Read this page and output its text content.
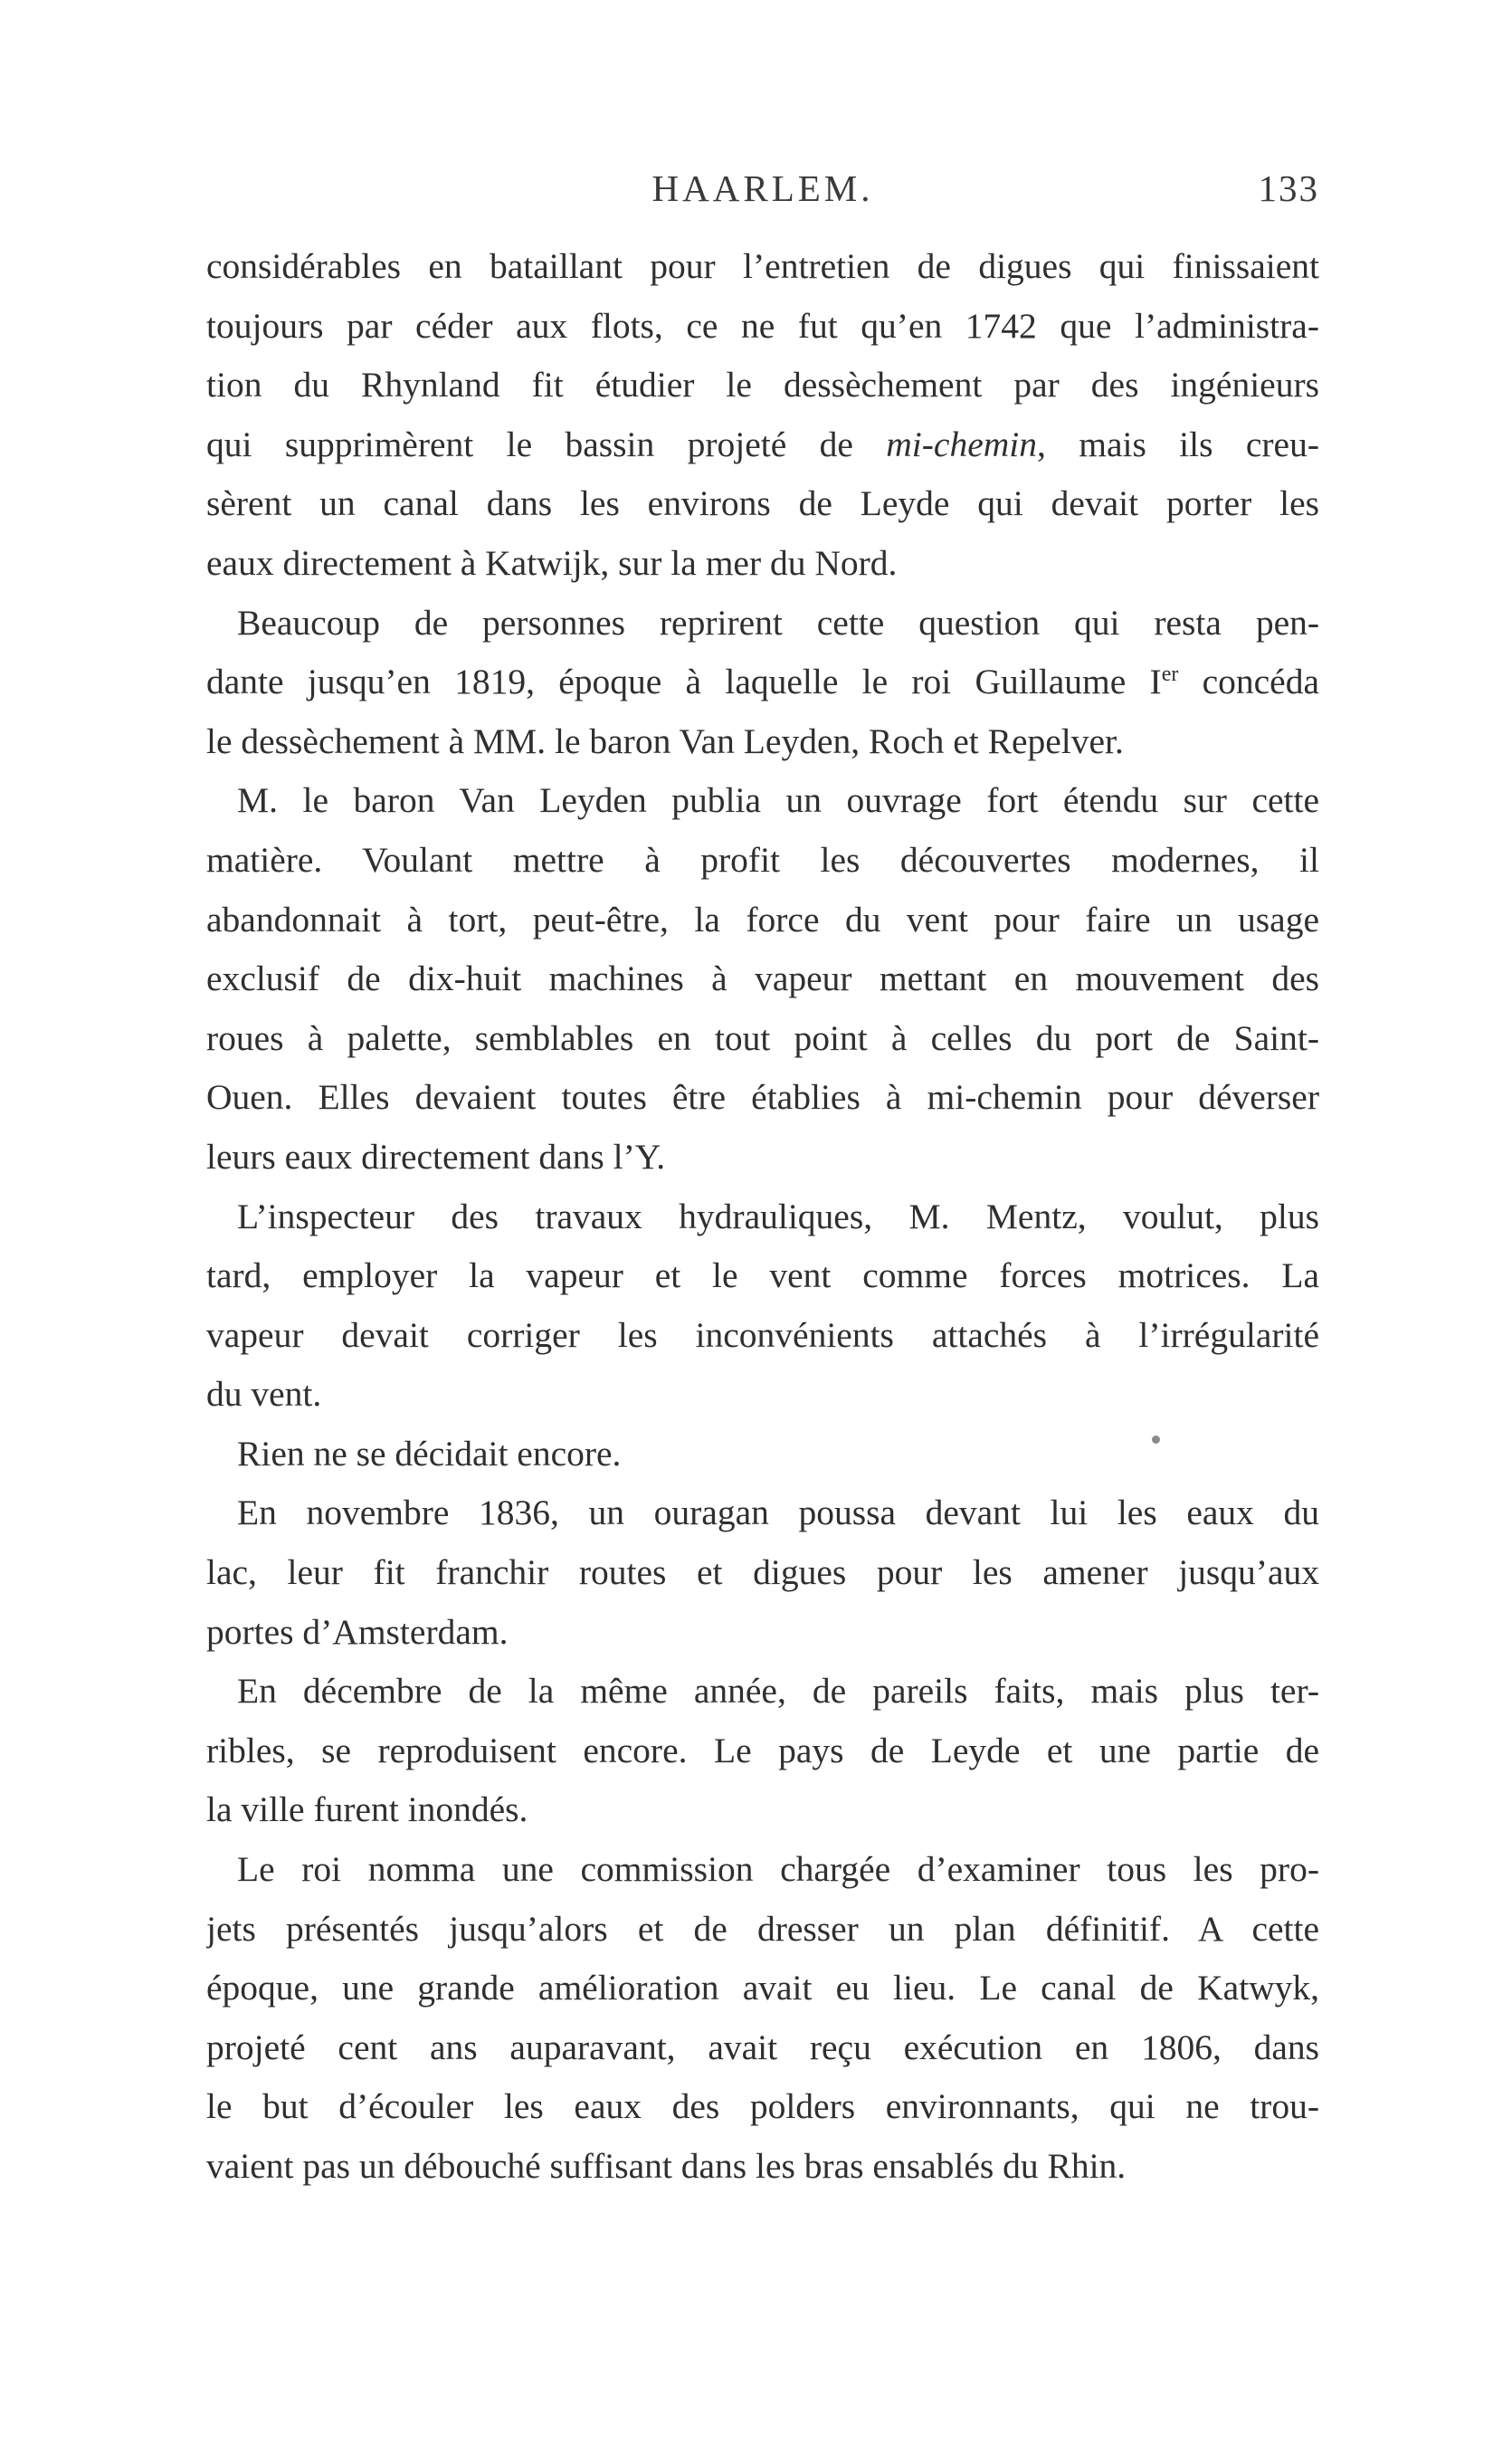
HAARLEM.	133
considérables en bataillant pour l’entretien de digues qui finissaient
toujours par céder aux flots, ce ne fut qu’en 1742 que l’administra-
tion du Rhynland fit étudier le dessèchement par des ingénieurs
qui supprimèrent le bassin projeté de mi-chemin, mais ils creu-
sèrent un canal dans les environs de Leyde qui devait porter les
eaux directement à Katwijk, sur la mer du Nord.
Beaucoup de personnes reprirent cette question qui resta pen-
dante jusqu’en 1819, époque à laquelle le roi Guillaume Ier concéda
le dessèchement à MM. le baron Van Leyden, Roch et Repelver.
M. le baron Van Leyden publia un ouvrage fort étendu sur cette
matière. Voulant mettre à profit les découvertes modernes, il
abandonnait à tort, peut-être, la force du vent pour faire un usage
exclusif de dix-huit machines à vapeur mettant en mouvement des
roues à palette, semblables en tout point à celles du port de Saint-
Ouen. Elles devaient toutes être établies à mi-chemin pour déverser
leurs eaux directement dans l’Y.
L’inspecteur des travaux hydrauliques, M. Mentz, voulut, plus
tard, employer la vapeur et le vent comme forces motrices. La
vapeur devait corriger les inconvénients attachés à l’irrégularité
du vent.
Rien ne se décidait encore.
En novembre 1836, un ouragan poussa devant lui les eaux du
lac, leur fit franchir routes et digues pour les amener jusqu’aux
portes d’Amsterdam.
En décembre de la même année, de pareils faits, mais plus ter-
ribles, se reproduisent encore. Le pays de Leyde et une partie de
la ville furent inondés.
Le roi nomma une commission chargée d’examiner tous les pro-
jets présentés jusqu’alors et de dresser un plan définitif. A cette
époque, une grande amélioration avait eu lieu. Le canal de Katwyk,
projeté cent ans auparavant, avait reçu exécution en 1806, dans
le but d’écouler les eaux des polders environnants, qui ne trou-
vaient pas un débouché suffisant dans les bras ensablés du Rhin.
